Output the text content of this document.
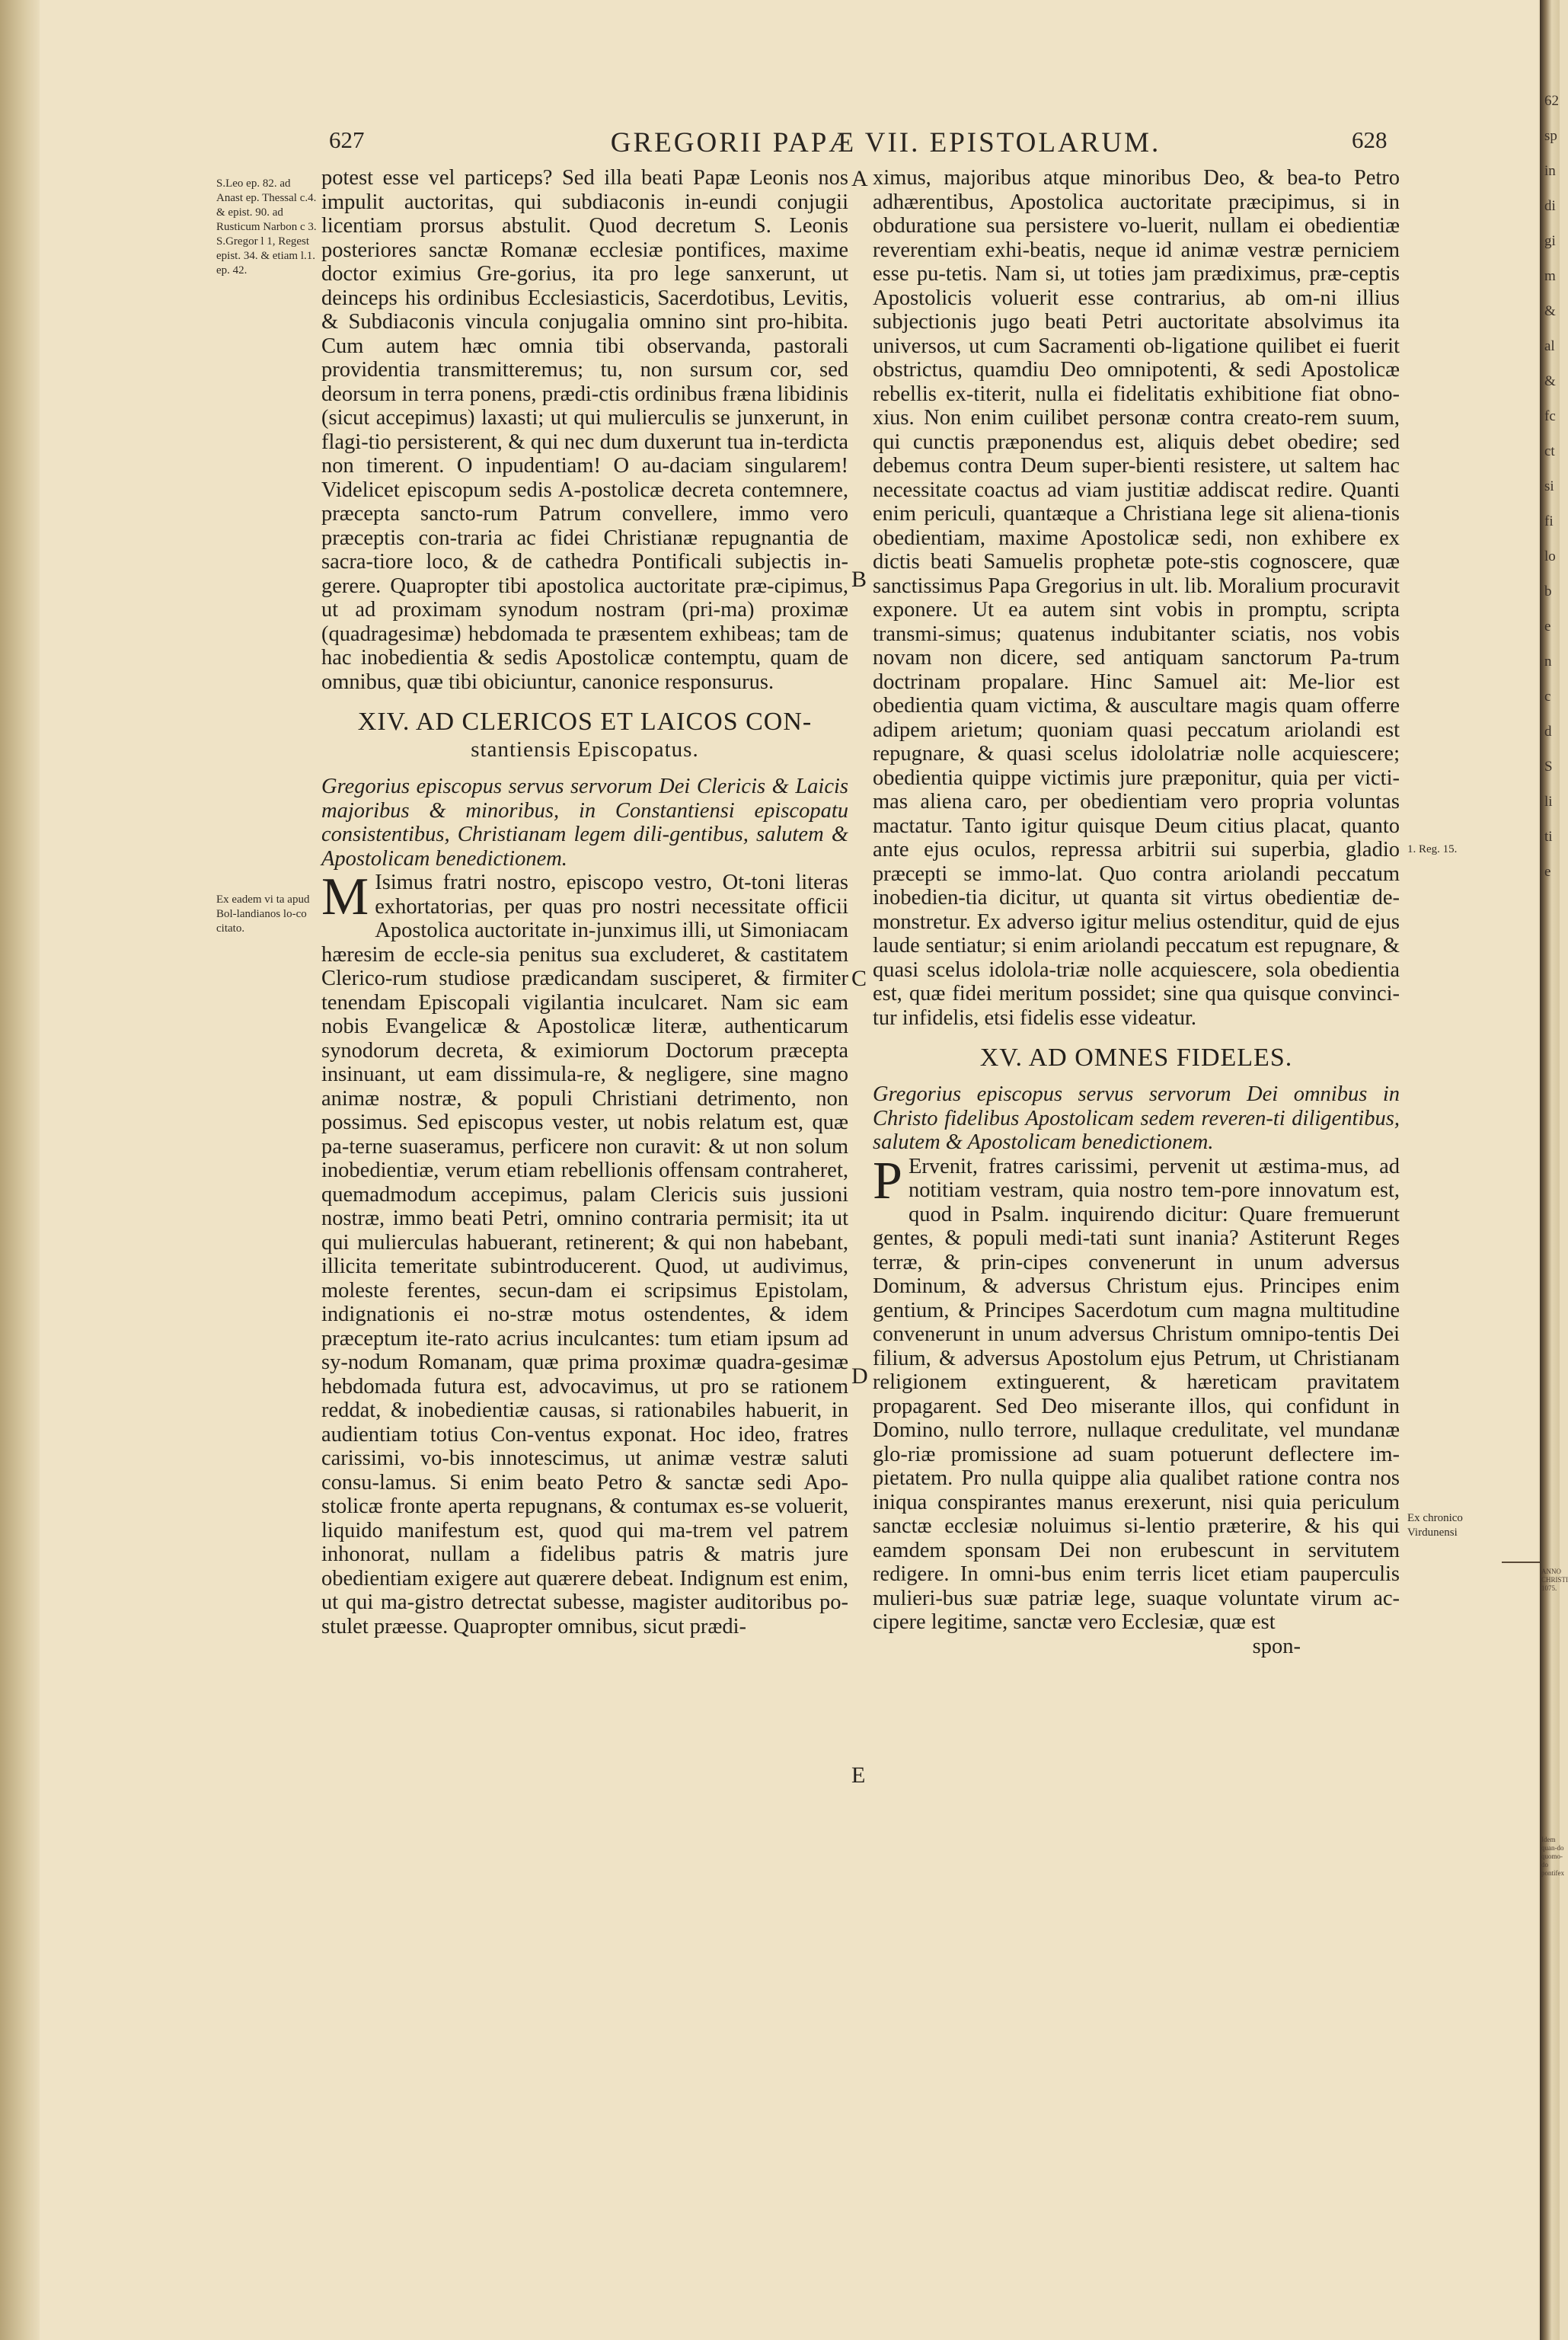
627	GREGORII PAPÆ VII. EPISTOLARUM.	628
S.Leo ep. 82. ad Anast ep. Thessal c.4. & epist. 90. ad Rusticum Narbon c 3. S.Gregor l 1, Regest epist. 34. & etiam l.1. ep. 42.
Ex eadem vi ta apud Bol-landianos lo-co citato.
1. Reg. 15.
Ex chronico Virdunensi
A
B
C
D
E

potest esse vel particeps? Sed illa beati Papæ Leonis nos impulit auctoritas, qui subdiaconis in-eundi conjugii licentiam prorsus abstulit. Quod decretum S. Leonis posteriores sanctæ Romanæ ecclesiæ pontifices, maxime doctor eximius Gre-gorius, ita pro lege sanxerunt, ut deinceps his ordinibus Ecclesiasticis, Sacerdotibus, Levitis, & Subdiaconis vincula conjugalia omnino sint pro-hibita. Cum autem hæc omnia tibi observanda, pastorali providentia transmitteremus; tu, non sursum cor, sed deorsum in terra ponens, prædi-ctis ordinibus fræna libidinis (sicut accepimus) laxasti; ut qui mulierculis se junxerunt, in flagi-tio persisterent, & qui nec dum duxerunt tua in-terdicta non timerent. O inpudentiam! O au-daciam singularem! Videlicet episcopum sedis A-postolicæ decreta contemnere, præcepta sancto-rum Patrum convellere, immo vero præceptis con-traria ac fidei Christianæ repugnantia de sacra-tiore loco, & de cathedra Pontificali subjectis in-gerere. Quapropter tibi apostolica auctoritate præ-cipimus, ut ad proximam synodum nostram (pri-ma) proximæ (quadragesimæ) hebdomada te præsentem exhibeas; tam de hac inobedientia & sedis Apostolicæ contemptu, quam de omnibus, quæ tibi obiciuntur, canonice responsurus.

XIV. AD CLERICOS ET LAICOS CON-
stantiensis Episcopatus.

Gregorius episcopus servus servorum Dei Clericis & Laicis majoribus & minoribus, in Constantiensi episcopatu consistentibus, Christianam legem dili-gentibus, salutem & Apostolicam benedictionem.

M Isimus fratri nostro, episcopo vestro, Ot-toni literas exhortatorias, per quas pro nostri necessitate officii Apostolica auctoritate in-junximus illi, ut Simoniacam hæresim de eccle-sia penitus sua excluderet, & castitatem Clerico-rum studiose prædicandam susciperet, & firmiter tenendam Episcopali vigilantia inculcaret. Nam sic eam nobis Evangelicæ & Apostolicæ literæ, authenticarum synodorum decreta, & eximiorum Doctorum præcepta insinuant, ut eam dissimula-re, & negligere, sine magno animæ nostræ, & populi Christiani detrimento, non possimus. Sed episcopus vester, ut nobis relatum est, quæ pa-terne suaseramus, perficere non curavit: & ut non solum inobedientiæ, verum etiam rebellionis offensam contraheret, quemadmodum accepimus, palam Clericis suis jussioni nostræ, immo beati Petri, omnino contraria permisit; ita ut qui mulierculas habuerant, retinerent; & qui non habebant, illicita temeritate subintroducerent. Quod, ut audivimus, moleste ferentes, secun-dam ei scripsimus Epistolam, indignationis ei no-stræ motus ostendentes, & idem præceptum ite-rato acrius inculcantes: tum etiam ipsum ad sy-nodum Romanam, quæ prima proximæ quadra-gesimæ hebdomada futura est, advocavimus, ut pro se rationem reddat, & inobedientiæ causas, si rationabiles habuerit, in audientiam totius Con-ventus exponat. Hoc ideo, fratres carissimi, vo-bis innotescimus, ut animæ vestræ saluti consu-lamus. Si enim beato Petro & sanctæ sedi Apo-stolicæ fronte aperta repugnans, & contumax es-se voluerit, liquido manifestum est, quod qui ma-trem vel patrem inhonorat, nullam a fidelibus patris & matris jure obedientiam exigere aut quærere debeat. Indignum est enim, ut qui ma-gistro detrectat subesse, magister auditoribus po-stulet præesse. Quapropter omnibus, sicut prædi-

ximus, majoribus atque minoribus Deo, & bea-to Petro adhærentibus, Apostolica auctoritate præcipimus, si in obduratione sua persistere vo-luerit, nullam ei obedientiæ reverentiam exhi-beatis, neque id animæ vestræ perniciem esse pu-tetis. Nam si, ut toties jam prædiximus, præ-ceptis Apostolicis voluerit esse contrarius, ab om-ni illius subjectionis jugo beati Petri auctoritate absolvimus ita universos, ut cum Sacramenti ob-ligatione quilibet ei fuerit obstrictus, quamdiu Deo omnipotenti, & sedi Apostolicæ rebellis ex-titerit, nulla ei fidelitatis exhibitione fiat obno-xius. Non enim cuilibet personæ contra creato-rem suum, qui cunctis præponendus est, aliquis debet obedire; sed debemus contra Deum super-bienti resistere, ut saltem hac necessitate coactus ad viam justitiæ addiscat redire. Quanti enim periculi, quantæque a Christiana lege sit aliena-tionis obedientiam, maxime Apostolicæ sedi, non exhibere ex dictis beati Samuelis prophetæ pote-stis cognoscere, quæ sanctissimus Papa Gregorius in ult. lib. Moralium procuravit exponere. Ut ea autem sint vobis in promptu, scripta transmi-simus; quatenus indubitanter sciatis, nos vobis novam non dicere, sed antiquam sanctorum Pa-trum doctrinam propalare. Hinc Samuel ait: Me-lior est obedientia quam victima, & auscultare magis quam offerre adipem arietum; quoniam quasi peccatum ariolandi est repugnare, & quasi scelus idololatriæ nolle acquiescere; obedientia quippe victimis jure præponitur, quia per victi-mas aliena caro, per obedientiam vero propria voluntas mactatur. Tanto igitur quisque Deum citius placat, quanto ante ejus oculos, repressa arbitrii sui superbia, gladio præcepti se immo-lat. Quo contra ariolandi peccatum inobedien-tia dicitur, ut quanta sit virtus obedientiæ de-monstretur. Ex adverso igitur melius ostenditur, quid de ejus laude sentiatur; si enim ariolandi peccatum est repugnare, & quasi scelus idolola-triæ nolle acquiescere, sola obedientia est, quæ fidei meritum possidet; sine qua quisque convinci-tur infidelis, etsi fidelis esse videatur.

XV. AD OMNES FIDELES.

Gregorius episcopus servus servorum Dei omnibus in Christo fidelibus Apostolicam sedem reveren-ti diligentibus, salutem & Apostolicam benedictionem.

P Ervenit, fratres carissimi, pervenit ut æstima-mus, ad notitiam vestram, quia nostro tem-pore innovatum est, quod in Psalm. inquirendo dicitur: Quare fremuerunt gentes, & populi medi-tati sunt inania? Astiterunt Reges terræ, & prin-cipes convenerunt in unum adversus Dominum, & adversus Christum ejus. Principes enim gentium, & Principes Sacerdotum cum magna multitudine convenerunt in unum adversus Christum omnipo-tentis Dei filium, & adversus Apostolum ejus Petrum, ut Christianam religionem extinguerent, & hæreticam pravitatem propagarent. Sed Deo miserante illos, qui confidunt in Domino, nullo terrore, nullaque credulitate, vel mundanæ glo-riæ promissione ad suam potuerunt deflectere im-pietatem. Pro nulla quippe alia qualibet ratione contra nos iniqua conspirantes manus erexerunt, nisi quia periculum sanctæ ecclesiæ noluimus si-lentio præterire, & his qui eamdem sponsam Dei non erubescunt in servitutem redigere. In omni-bus enim terris licet etiam pauperculis mulieri-bus suæ patriæ lege, suaque voluntate virum ac-cipere legitime, sanctæ vero Ecclesiæ, quæ est

spon-

62
sp
in
di
gi
m
&
al
&
fc
ct
si
fi
lo
b
e
n
c
d
S
li
ti
e
ANNO CHRISTI 1075.
Idem quan-do quomo-do pontifex
